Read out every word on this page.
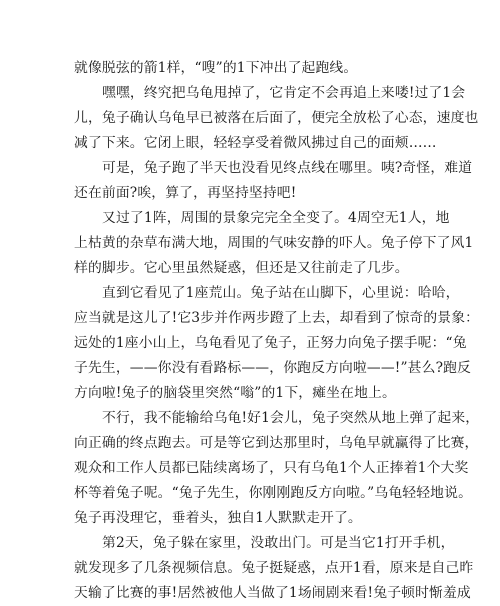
就像脱弦的箭1样，“嗖”的1下冲出了起跑线。
嘿嘿，终究把乌龟甩掉了，它肯定不会再追上来喽!过了1会
儿，兔子确认乌龟早已被落在后面了，便完全放松了心态，速度也
减了下来。它闭上眼，轻轻享受着微风拂过自己的面颊……
可是，兔子跑了半天也没看见终点线在哪里。咦?奇怪，难道
还在前面?唉，算了，再坚持坚持吧!
又过了1阵，周围的景象完完全全变了。4周空无1人，地
上枯黄的杂草布满大地，周围的气味安静的吓人。兔子停下了风1
样的脚步。它心里虽然疑惑，但还是又往前走了几步。
直到它看见了1座荒山。兔子站在山脚下，心里说：哈哈，
应当就是这儿了!它3步并作两步蹬了上去，却看到了惊奇的景象：
远处的1座小山上，乌龟看见了兔子，正努力向兔子摆手呢：“兔
子先生，——你没有看路标——，你跑反方向啦——!”甚么?跑反
方向啦!兔子的脑袋里突然“嗡”的1下，瘫坐在地上。
不行，我不能输给乌龟!好1会儿，兔子突然从地上弹了起来，
向正确的终点跑去。可是等它到达那里时，乌龟早就赢得了比赛，
观众和工作人员都已陆续离场了，只有乌龟1个人正捧着1个大奖
杯等着兔子呢。“兔子先生，你刚刚跑反方向啦。”乌龟轻轻地说。
兔子再没理它，垂着头，独自1人默默走开了。
第2天，兔子躲在家里，没敢出门。可是当它1打开手机，
就发现多了几条视频信息。兔子挺疑惑，点开1看，原来是自己昨
天输了比赛的事!居然被他人当做了1场闹剧来看!兔子顿时惭羞成
